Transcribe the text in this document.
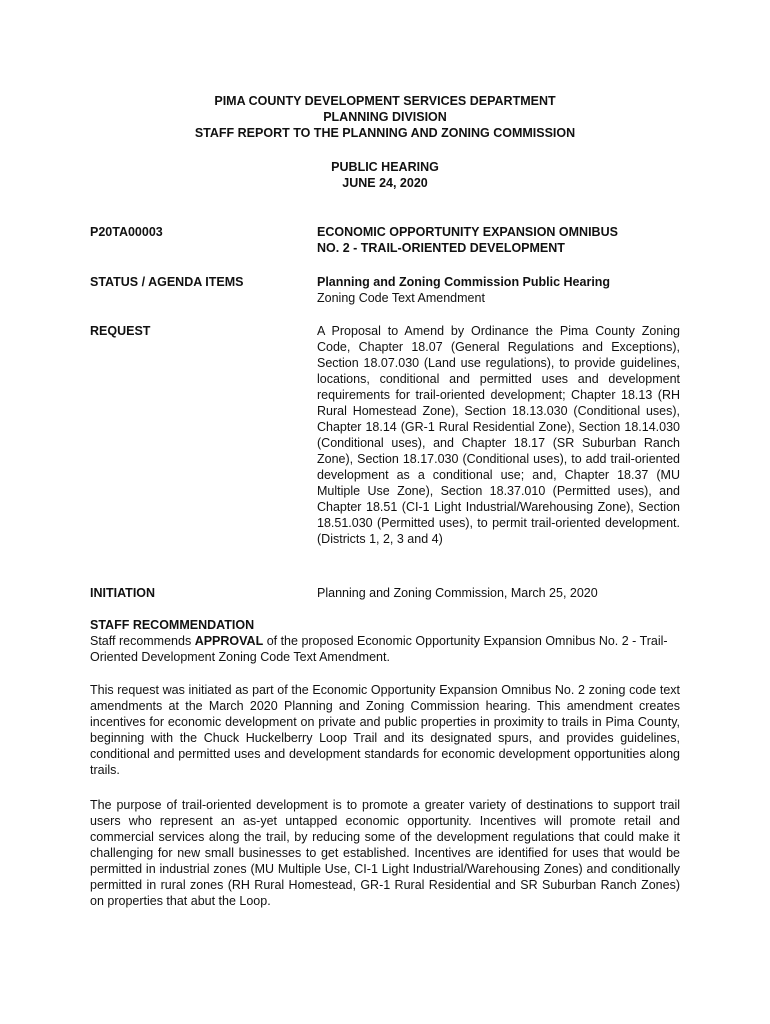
PIMA COUNTY DEVELOPMENT SERVICES DEPARTMENT
PLANNING DIVISION
STAFF REPORT TO THE PLANNING AND ZONING COMMISSION
PUBLIC HEARING
JUNE 24, 2020
P20TA00003	ECONOMIC OPPORTUNITY EXPANSION OMNIBUS
NO. 2 - TRAIL-ORIENTED DEVELOPMENT
STATUS / AGENDA ITEMS	Planning and Zoning Commission Public Hearing
Zoning Code Text Amendment
REQUEST	A Proposal to Amend by Ordinance the Pima County Zoning Code, Chapter 18.07 (General Regulations and Exceptions), Section 18.07.030 (Land use regulations), to provide guidelines, locations, conditional and permitted uses and development requirements for trail-oriented development; Chapter 18.13 (RH Rural Homestead Zone), Section 18.13.030 (Conditional uses), Chapter 18.14 (GR-1 Rural Residential Zone), Section 18.14.030 (Conditional uses), and Chapter 18.17 (SR Suburban Ranch Zone), Section 18.17.030 (Conditional uses), to add trail-oriented development as a conditional use; and, Chapter 18.37 (MU Multiple Use Zone), Section 18.37.010 (Permitted uses), and Chapter 18.51 (CI-1 Light Industrial/Warehousing Zone), Section 18.51.030 (Permitted uses), to permit trail-oriented development. (Districts 1, 2, 3 and 4)
INITIATION	Planning and Zoning Commission, March 25, 2020
STAFF RECOMMENDATION
Staff recommends APPROVAL of the proposed Economic Opportunity Expansion Omnibus No. 2 - Trail-Oriented Development Zoning Code Text Amendment.
This request was initiated as part of the Economic Opportunity Expansion Omnibus No. 2 zoning code text amendments at the March 2020 Planning and Zoning Commission hearing. This amendment creates incentives for economic development on private and public properties in proximity to trails in Pima County, beginning with the Chuck Huckelberry Loop Trail and its designated spurs, and provides guidelines, conditional and permitted uses and development standards for economic development opportunities along trails.
The purpose of trail-oriented development is to promote a greater variety of destinations to support trail users who represent an as-yet untapped economic opportunity. Incentives will promote retail and commercial services along the trail, by reducing some of the development regulations that could make it challenging for new small businesses to get established. Incentives are identified for uses that would be permitted in industrial zones (MU Multiple Use, CI-1 Light Industrial/Warehousing Zones) and conditionally permitted in rural zones (RH Rural Homestead, GR-1 Rural Residential and SR Suburban Ranch Zones) on properties that abut the Loop.
